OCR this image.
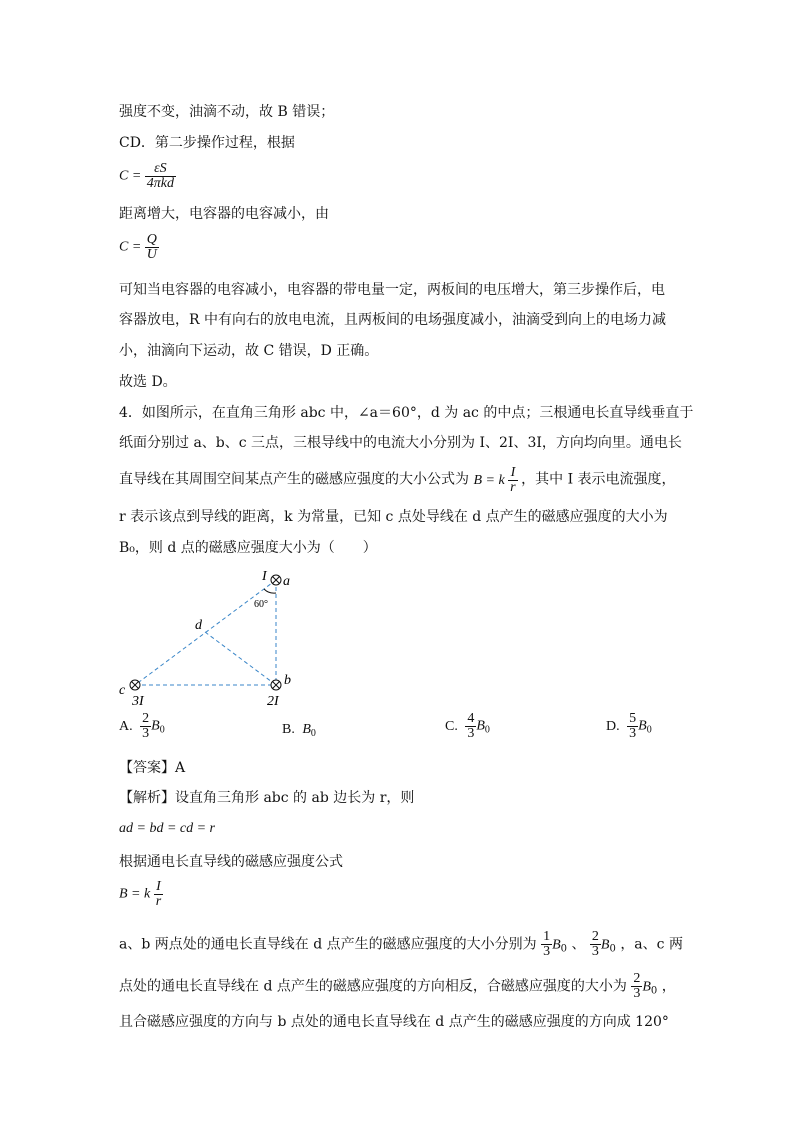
强度不变，油滴不动，故 B 错误；
CD．第二步操作过程，根据
$C = \frac{\varepsilon S}{\text{4πkd}}$
距离增大，电容器的电容减小，由
$C = \frac{Q}{U}$
可知当电容器的电容减小，电容器的带电量一定，两板间的电压增大，第三步操作后，电
容器放电，R 中有向右的放电电流，且两板间的电场强度减小，油滴受到向上的电场力减
小，油滴向下运动，故 C 错误，D 正确。
故选 D。
4．如图所示，在直角三角形 abc 中，∠a＝60°，d 为 ac 的中点；三根通电长直导线垂直于
纸面分别过 a、b、c 三点，三根导线中的电流大小分别为 I、2I、3I，方向均向里。通电长
直导线在其周围空间某点产生的磁感应强度的大小公式为 B = k $\frac{I}{r}$ ，其中 I 表示电流强度，
r 表示该点到导线的距离，k 为常量，已知 c 点处导线在 d 点产生的磁感应强度的大小为
B₀，则 d 点的磁感应强度大小为（　　）
I a
60°
d
b
c
3I	2I
A. $\frac{2}{3} B_0$	B. $B_0$	C. $\frac{4}{3} B_0$	D. $\frac{5}{3} B_0$
【答案】A
【解析】设直角三角形 abc 的 ab 边长为 r，则
ad = bd = cd = r
根据通电长直导线的磁感应强度公式
B = k $\frac{I}{r}$
a、b 两点处的通电长直导线在 d 点产生的磁感应强度的大小分别为 $\frac{1}{3} B_0$ 、 $\frac{2}{3} B_0$ ，a、c 两
点处的通电长直导线在 d 点产生的磁感应强度的方向相反，合磁感应强度的大小为 $\frac{2}{3} B_0$ ，
且合磁感应强度的方向与 b 点处的通电长直导线在 d 点产生的磁感应强度的方向成 120°
